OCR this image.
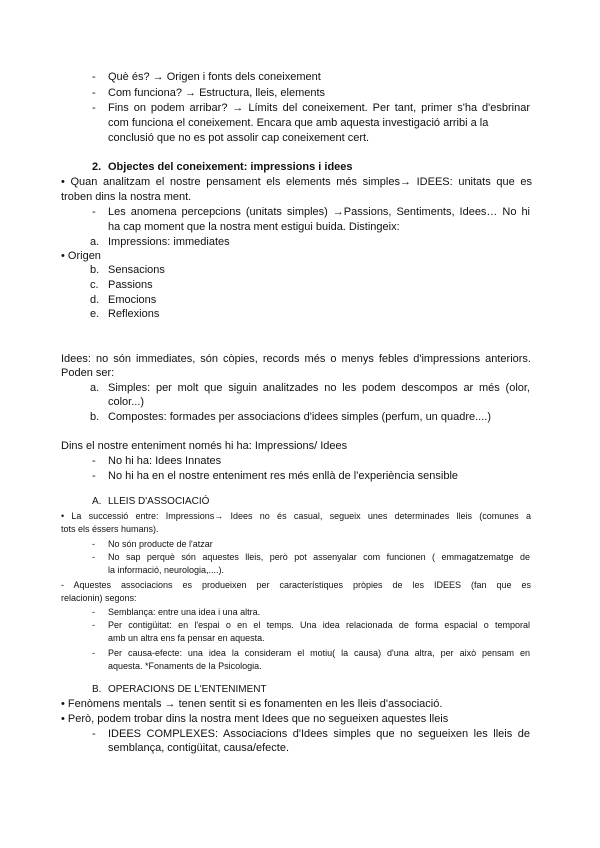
- Què és? → Origen i fonts dels coneixement
- Com funciona? → Estructura, lleis, elements
- Fins on podem arribar? → Límits del coneixement. Per tant, primer s'ha d'esbrinar
com funciona el coneixement. Encara que amb aquesta investigació arribi a la
conclusió que no es pot assolir cap coneixement cert.
2. Objectes del coneixement: impressions i idees
• Quan analitzam el nostre pensament els elements més simples→ IDEES: unitats que es
troben dins la nostra ment.
- Les anomena percepcions (unitats simples) →Passions, Sentiments, Idees… No hi
ha cap moment que la nostra ment estigui buida. Distingeix:
a. Impressions: immediates
• Origen
b. Sensacions
c. Passions
d. Emocions
e. Reflexions
Idees: no són immediates, són còpies, records més o menys febles d'impressions anteriors.
Poden ser:
a. Simples: per molt que siguin analitzades no les podem descompos ar més (olor,
color...)
b. Compostes: formades per associacions d'idees simples (perfum, un quadre....)
Dins el nostre enteniment només hi ha: Impressions/ Idees
- No hi ha: Idees Innates
- No hi ha en el nostre enteniment res més enllà de l'experiència sensible
A. LLEIS D'ASSOCIACIÓ
• La successió entre: Impressions→ Idees no és casual, segueix unes determinades lleis (comunes a
tots els éssers humans).
- No són producte de l'atzar
- No sap perquè són aquestes lleis, però pot assenyalar com funcionen ( emmagatzematge de
la informació, neurologia,....).
- Aquestes associacions es produeixen per característiques pròpies de les IDEES (fan que es
relacionin) segons:
- Semblança: entre una idea i una altra.
- Per contigüitat: en l'espai o en el temps. Una idea relacionada de forma espacial o temporal
amb un altra ens fa pensar en aquesta.
- Per causa-efecte: una idea la consideram el motiu( la causa) d'una altra, per això pensam en
aquesta. *Fonaments de la Psicologia.
B. OPERACIONS DE L'ENTENIMENT
• Fenòmens mentals → tenen sentit si es fonamenten en les lleis d'associació.
• Però, podem trobar dins la nostra ment Idees que no segueixen aquestes lleis
- IDEES COMPLEXES: Associacions d'Idees simples que no segueixen les lleis de
semblança, contigüitat, causa/efecte.
